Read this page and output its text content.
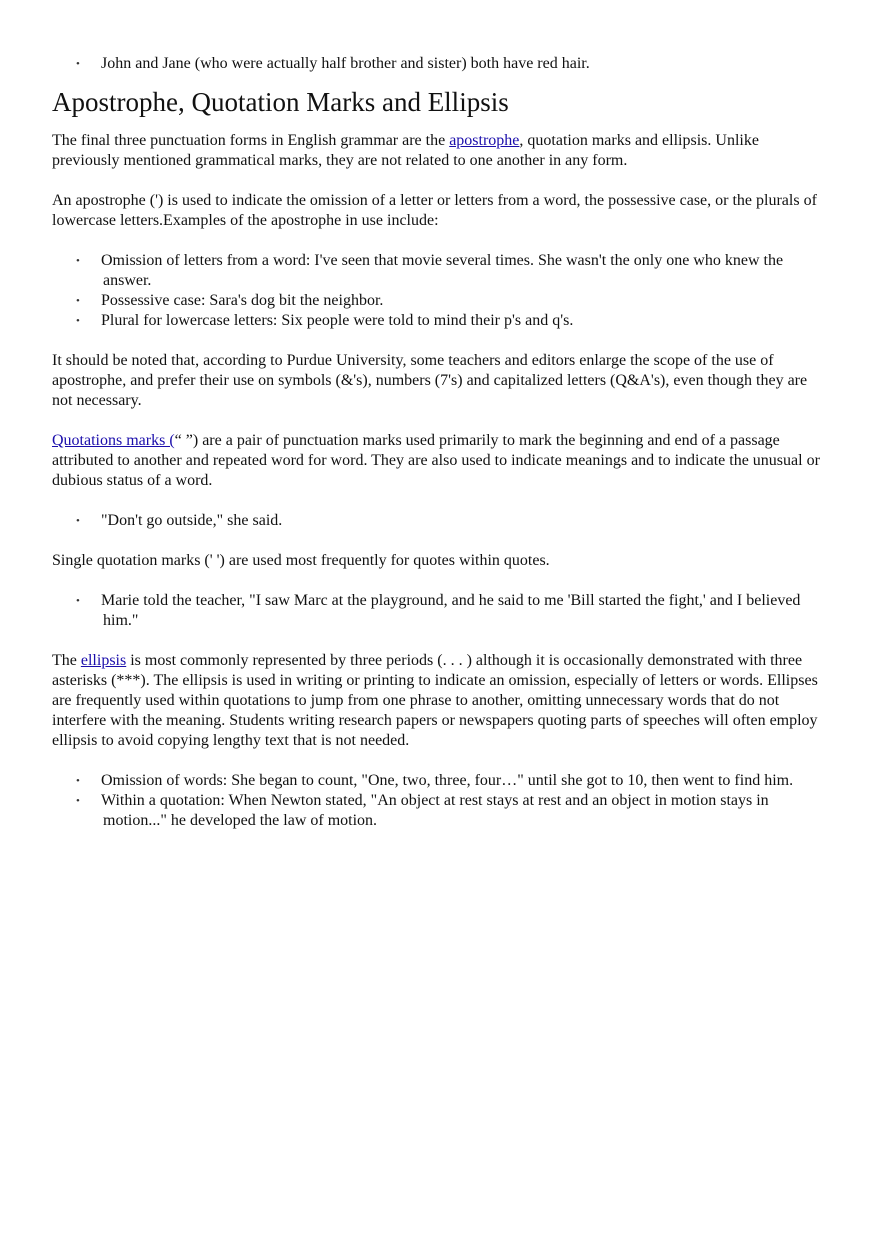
• John and Jane (who were actually half brother and sister) both have red hair.
Apostrophe, Quotation Marks and Ellipsis

The final three punctuation forms in English grammar are the apostrophe, quotation marks and ellipsis. Unlike previously mentioned grammatical marks, they are not related to one another in any form.

An apostrophe (') is used to indicate the omission of a letter or letters from a word, the possessive case, or the plurals of lowercase letters.Examples of the apostrophe in use include:

• Omission of letters from a word: I've seen that movie several times. She wasn't the only one who knew the answer.
• Possessive case: Sara's dog bit the neighbor.
• Plural for lowercase letters: Six people were told to mind their p's and q's.

It should be noted that, according to Purdue University, some teachers and editors enlarge the scope of the use of apostrophe, and prefer their use on symbols (&'s), numbers (7's) and capitalized letters (Q&A's), even though they are not necessary.

Quotations marks (“ ”) are a pair of punctuation marks used primarily to mark the beginning and end of a passage attributed to another and repeated word for word. They are also used to indicate meanings and to indicate the unusual or dubious status of a word.

• "Don't go outside," she said.

Single quotation marks (' ') are used most frequently for quotes within quotes.

• Marie told the teacher, "I saw Marc at the playground, and he said to me 'Bill started the fight,' and I believed him."

The ellipsis is most commonly represented by three periods (. . . ) although it is occasionally demonstrated with three asterisks (***). The ellipsis is used in writing or printing to indicate an omission, especially of letters or words. Ellipses are frequently used within quotations to jump from one phrase to another, omitting unnecessary words that do not interfere with the meaning. Students writing research papers or newspapers quoting parts of speeches will often employ ellipsis to avoid copying lengthy text that is not needed.

• Omission of words: She began to count, "One, two, three, four…" until she got to 10, then went to find him.
• Within a quotation: When Newton stated, "An object at rest stays at rest and an object in motion stays in motion..." he developed the law of motion.
